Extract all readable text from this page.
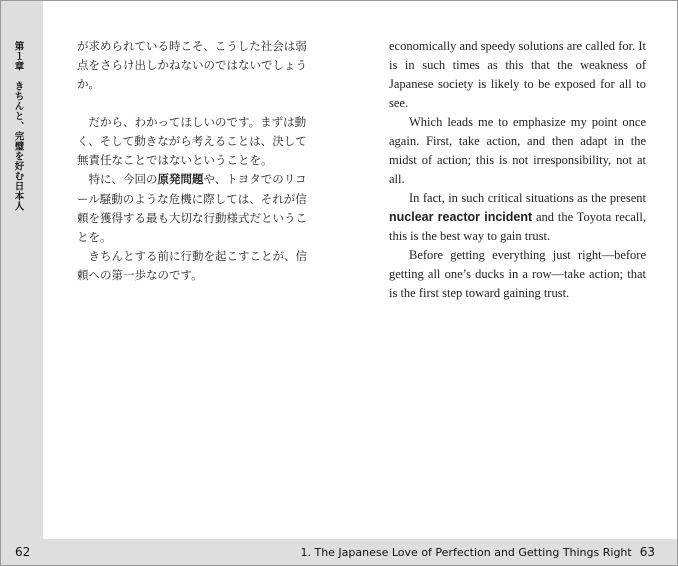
第１章　きちんと、完璧を好む日本人	が求められている時こそ、こうした社会は弱点をさらけ出しかねないのではないでしょうか。

だから、わかってほしいのです。まずは動く、そして動きながら考えることは、決して無責任なことではないということを。

特に、今回の原発問題や、トヨタでのリコール騒動のような危機に際しては、それが信頼を獲得する最も大切な行動様式だということを。

きちんとする前に行動を起こすことが、信頼への第一歩なのです。

economically and speedy solutions are called for. It is in such times as this that the weakness of Japanese society is likely to be exposed for all to see.

Which leads me to emphasize my point once again. First, take action, and then adapt in the midst of action; this is not irresponsibility, not at all.

In fact, in such critical situations as the present nuclear reactor incident and the Toyota recall, this is the best way to gain trust.

Before getting everything just right—before getting all one’s ducks in a row—take action; that is the first step toward gaining trust.

62	1. The Japanese Love of Perfection and Getting Things Right 63
